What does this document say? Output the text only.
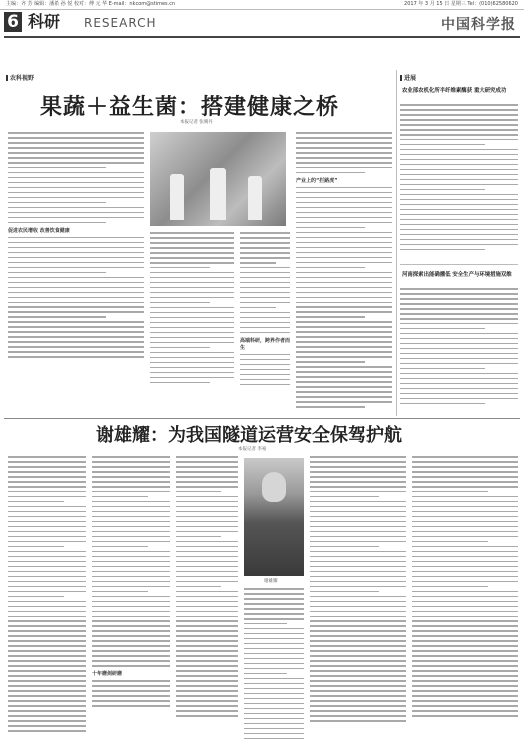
主编：齐 芳 编辑：潘希 孙 悦 校对：傅 元 华 E-mail：nkcom@stimes.cn	2017 年 3 月 15 日 星期三 Tel：(010)62580620
6 科研 RESEARCH	中国科学报
农科视野
果蔬＋益生菌：搭建健康之桥
本报记者 张晴丹
促进农民增收 改善饮食健康
高端科研，跨界作者而生
产业上的“拦路虎”
进展
农业部农机化所半纤维素酶获 重大研究成功
河南探索出能确播低 安全生产与环境措施双维
谢雄耀：为我国隧道运营安全保驾护航
本报记者 李豪
十年磨剑研磨
谢雄耀
